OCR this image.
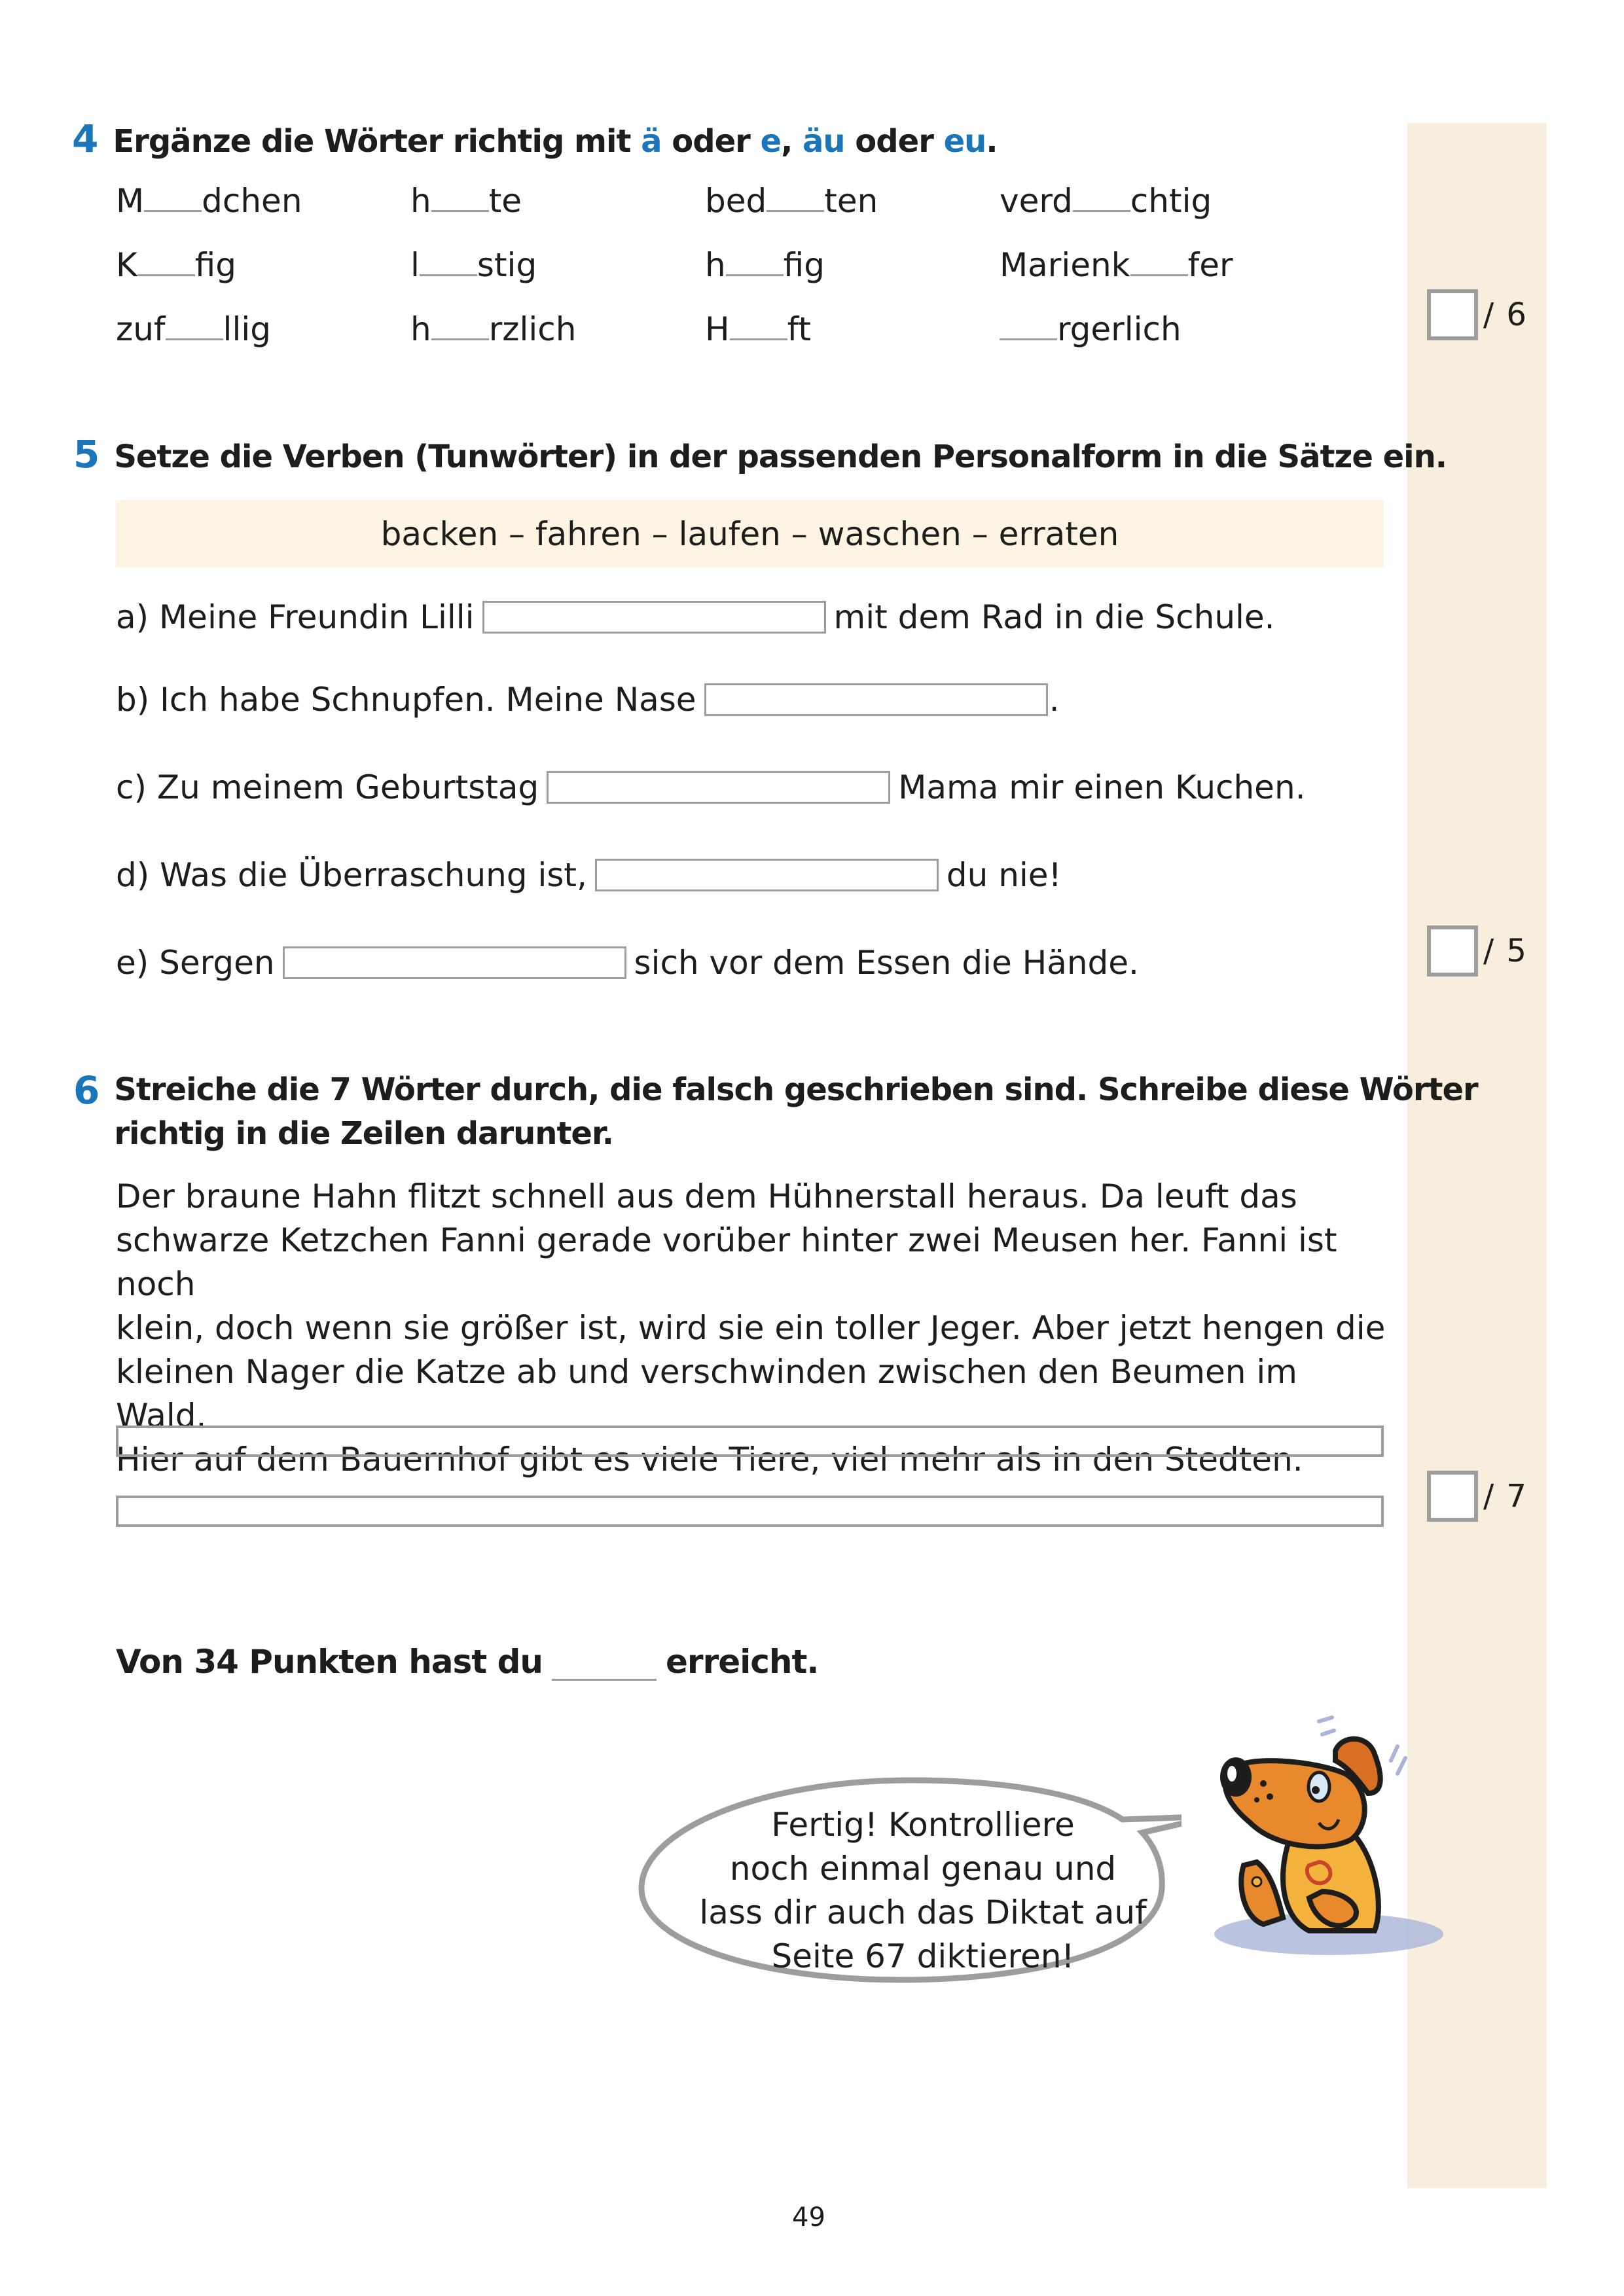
4 Ergänze die Wörter richtig mit ä oder e, äu oder eu.
M dchen	h te	bed ten	verd chtig
K fig	l stig	h fig	Marienk fer
zuf llig	h rzlich	H ft	rgerlich	/ 6
5 Setze die Verben (Tunwörter) in der passenden Personalform in die Sätze ein.
backen – fahren – laufen – waschen – erraten
a) Meine Freundin Lilli	mit dem Rad in die Schule.
b) Ich habe Schnupfen. Meine Nase	.
c) Zu meinem Geburtstag	Mama mir einen Kuchen.
d) Was die Überraschung ist,	du nie!
e) Sergen	sich vor dem Essen die Hände.	/ 5
6 Streiche die 7 Wörter durch, die falsch geschrieben sind. Schreibe diese Wörter
richtig in die Zeilen darunter.
Der braune Hahn flitzt schnell aus dem Hühnerstall heraus. Da leuft das
schwarze Ketzchen Fanni gerade vorüber hinter zwei Meusen her. Fanni ist noch
klein, doch wenn sie größer ist, wird sie ein toller Jeger. Aber jetzt hengen die
kleinen Nager die Katze ab und verschwinden zwischen den Beumen im Wald.
Hier auf dem Bauernhof gibt es viele Tiere, viel mehr als in den Stedten.
/ 7
Von 34 Punkten hast du	erreicht.
Fertig! Kontrolliere
noch einmal genau und
lass dir auch das Diktat auf
Seite 67 diktieren!
49
